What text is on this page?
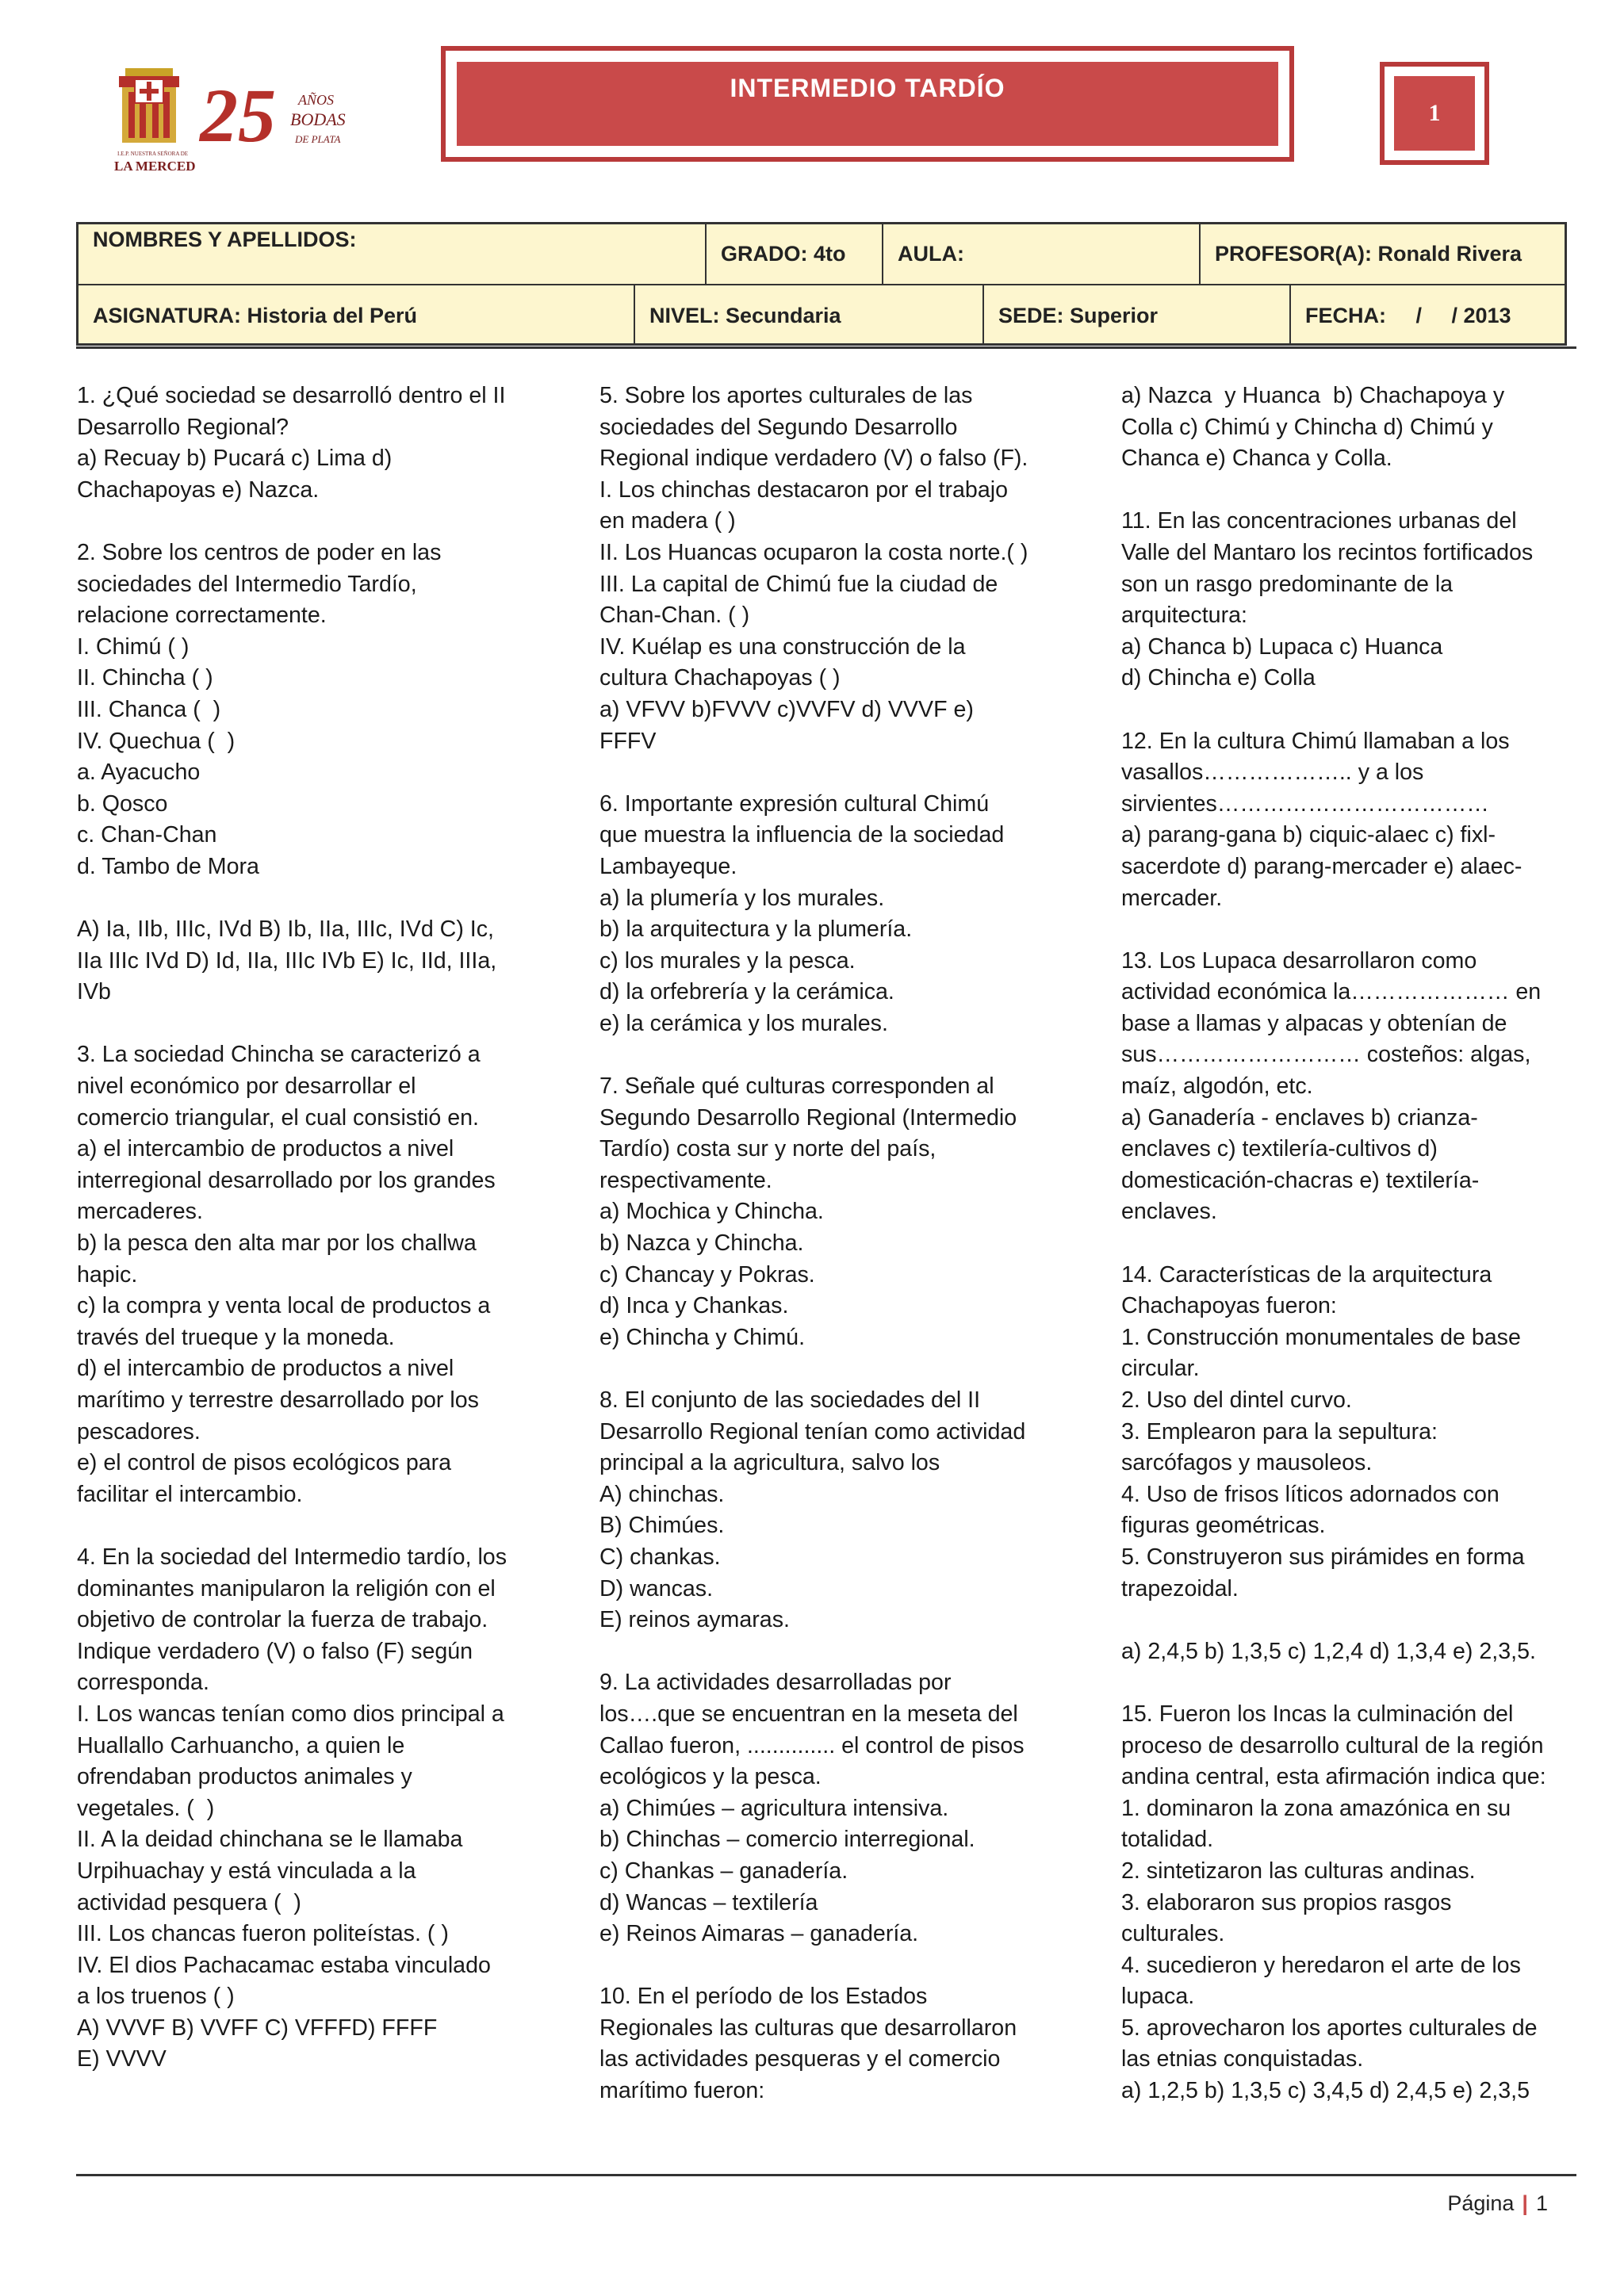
I.E.P. NUESTRA SEÑORA DE
LA MERCED
25 AÑOS
BODAS
DE PLATA
INTERMEDIO TARDÍO
1
NOMBRES Y APELLIDOS:
GRADO: 4to	AULA:	PROFESOR(A): Ronald Rivera
ASIGNATURA: Historia del Perú	NIVEL: Secundaria	SEDE: Superior	FECHA:     /     / 2013

1. ¿Qué sociedad se desarrolló dentro el II

Desarrollo Regional?

a) Recuay b) Pucará c) Lima d)

Chachapoyas e) Nazca.

2. Sobre los centros de poder en las

sociedades del Intermedio Tardío,

relacione correctamente.

I. Chimú ( )

II. Chincha ( )

III. Chanca (  )

IV. Quechua (  )

a. Ayacucho

b. Qosco

c. Chan-Chan

d. Tambo de Mora

A) Ia, IIb, IIIc, IVd B) Ib, IIa, IIIc, IVd C) Ic,

IIa IIIc IVd D) Id, IIa, IIIc IVb E) Ic, IId, IIIa,

IVb

3. La sociedad Chincha se caracterizó a

nivel económico por desarrollar el

comercio triangular, el cual consistió en.

a) el intercambio de productos a nivel

interregional desarrollado por los grandes

mercaderes.

b) la pesca den alta mar por los challwa

hapic.

c) la compra y venta local de productos a

través del trueque y la moneda.

d) el intercambio de productos a nivel

marítimo y terrestre desarrollado por los

pescadores.

e) el control de pisos ecológicos para

facilitar el intercambio.

4. En la sociedad del Intermedio tardío, los

dominantes manipularon la religión con el

objetivo de controlar la fuerza de trabajo.

Indique verdadero (V) o falso (F) según

corresponda.

I. Los wancas tenían como dios principal a

Huallallo Carhuancho, a quien le

ofrendaban productos animales y

vegetales. (  )

II. A la deidad chinchana se le llamaba

Urpihuachay y está vinculada a la

actividad pesquera (  )

III. Los chancas fueron politeístas. ( )

IV. El dios Pachacamac estaba vinculado

a los truenos ( )

A) VVVF B) VVFF C) VFFFD) FFFF

E) VVVV

5. Sobre los aportes culturales de las

sociedades del Segundo Desarrollo

Regional indique verdadero (V) o falso (F).

I. Los chinchas destacaron por el trabajo

en madera ( )

II. Los Huancas ocuparon la costa norte.( )

III. La capital de Chimú fue la ciudad de

Chan-Chan. ( )

IV. Kuélap es una construcción de la

cultura Chachapoyas ( )

a) VFVV b)FVVV c)VVFV d) VVVF e)

FFFV

6. Importante expresión cultural Chimú

que muestra la influencia de la sociedad

Lambayeque.

a) la plumería y los murales.

b) la arquitectura y la plumería.

c) los murales y la pesca.

d) la orfebrería y la cerámica.

e) la cerámica y los murales.

7. Señale qué culturas corresponden al

Segundo Desarrollo Regional (Intermedio

Tardío) costa sur y norte del país,

respectivamente.

a) Mochica y Chincha.

b) Nazca y Chincha.

c) Chancay y Pokras.

d) Inca y Chankas.

e) Chincha y Chimú.

8. El conjunto de las sociedades del II

Desarrollo Regional tenían como actividad

principal a la agricultura, salvo los

A) chinchas.

B) Chimúes.

C) chankas.

D) wancas.

E) reinos aymaras.

9. La actividades desarrolladas por

los….que se encuentran en la meseta del

Callao fueron, .............. el control de pisos

ecológicos y la pesca.

a) Chimúes – agricultura intensiva.

b) Chinchas – comercio interregional.

c) Chankas – ganadería.

d) Wancas – textilería

e) Reinos Aimaras – ganadería.

10. En el período de los Estados

Regionales las culturas que desarrollaron

las actividades pesqueras y el comercio

marítimo fueron:

a) Nazca  y Huanca  b) Chachapoya y

Colla c) Chimú y Chincha d) Chimú y

Chanca e) Chanca y Colla.

11. En las concentraciones urbanas del

Valle del Mantaro los recintos fortificados

son un rasgo predominante de la

arquitectura:

a) Chanca b) Lupaca c) Huanca

d) Chincha e) Colla

12. En la cultura Chimú llamaban a los

vasallos……………….. y a los

sirvientes………………………………

a) parang-gana b) ciquic-alaec c) fixl-

sacerdote d) parang-mercader e) alaec-

mercader.

13. Los Lupaca desarrollaron como

actividad económica la………………… en

base a llamas y alpacas y obtenían de

sus……………………… costeños: algas,

maíz, algodón, etc.

a) Ganadería - enclaves b) crianza-

enclaves c) textilería-cultivos d)

domesticación-chacras e) textilería-

enclaves.

14. Características de la arquitectura

Chachapoyas fueron:

1. Construcción monumentales de base

circular.

2. Uso del dintel curvo.

3. Emplearon para la sepultura:

sarcófagos y mausoleos.

4. Uso de frisos líticos adornados con

figuras geométricas.

5. Construyeron sus pirámides en forma

trapezoidal.

a) 2,4,5 b) 1,3,5 c) 1,2,4 d) 1,3,4 e) 2,3,5.

15. Fueron los Incas la culminación del

proceso de desarrollo cultural de la región

andina central, esta afirmación indica que:

1. dominaron la zona amazónica en su

totalidad.

2. sintetizaron las culturas andinas.

3. elaboraron sus propios rasgos

culturales.

4. sucedieron y heredaron el arte de los

lupaca.

5. aprovecharon los aportes culturales de

las etnias conquistadas.

a) 1,2,5 b) 1,3,5 c) 3,4,5 d) 2,4,5 e) 2,3,5

Página | 1
